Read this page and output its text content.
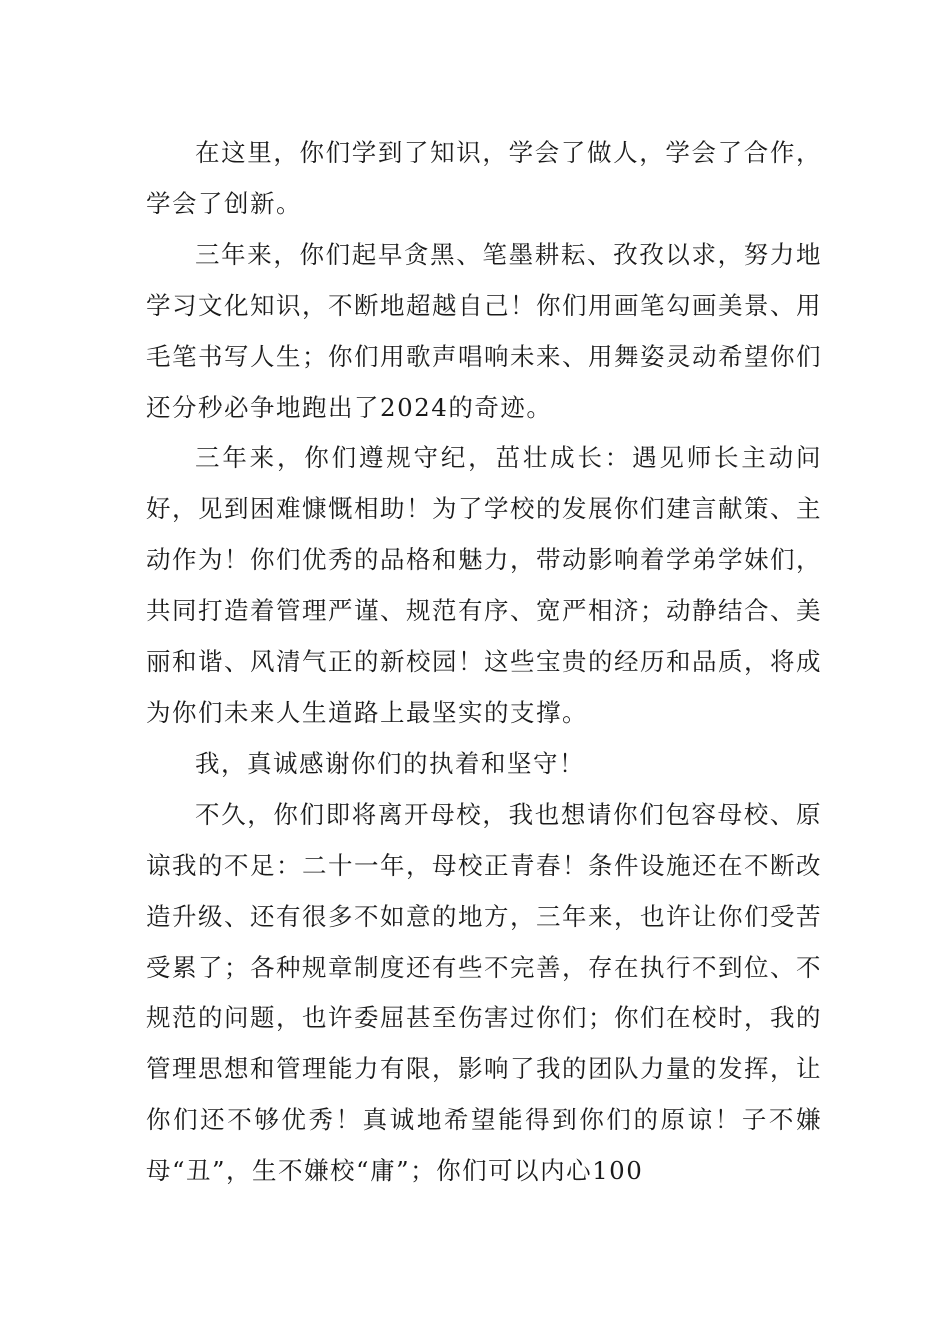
在这里，你们学到了知识，学会了做人，学会了合作，学会了创新。

三年来，你们起早贪黑、笔墨耕耘、孜孜以求，努力地学习文化知识，不断地超越自己！你们用画笔勾画美景、用毛笔书写人生；你们用歌声唱响未来、用舞姿灵动希望你们还分秒必争地跑出了2024的奇迹。

三年来，你们遵规守纪，茁壮成长：遇见师长主动问好，见到困难慷慨相助！为了学校的发展你们建言献策、主动作为！你们优秀的品格和魅力，带动影响着学弟学妹们，共同打造着管理严谨、规范有序、宽严相济；动静结合、美丽和谐、风清气正的新校园！这些宝贵的经历和品质，将成为你们未来人生道路上最坚实的支撑。

我，真诚感谢你们的执着和坚守！

不久，你们即将离开母校，我也想请你们包容母校、原谅我的不足：二十一年，母校正青春！条件设施还在不断改造升级、还有很多不如意的地方，三年来，也许让你们受苦受累了；各种规章制度还有些不完善，存在执行不到位、不规范的问题，也许委屈甚至伤害过你们；你们在校时，我的管理思想和管理能力有限，影响了我的团队力量的发挥，让你们还不够优秀！真诚地希望能得到你们的原谅！子不嫌母“丑”，生不嫌校“庸”；你们可以内心100
